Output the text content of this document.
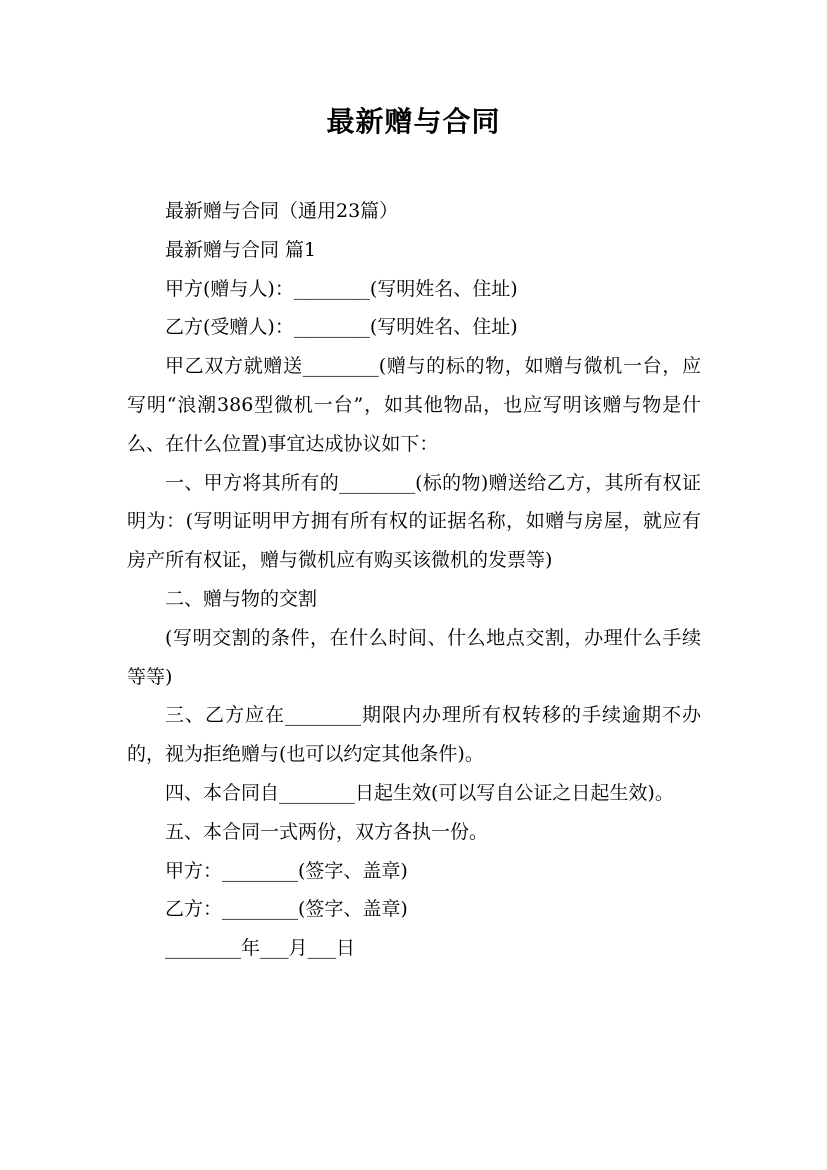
最新赠与合同

最新赠与合同（通用23篇）

最新赠与合同 篇1

甲方(赠与人)：________(写明姓名、住址)

乙方(受赠人)：________(写明姓名、住址)

甲乙双方就赠送________(赠与的标的物，如赠与微机一台，应写明“浪潮386型微机一台”，如其他物品，也应写明该赠与物是什么、在什么位置)事宜达成协议如下：

一、甲方将其所有的________(标的物)赠送给乙方，其所有权证明为：(写明证明甲方拥有所有权的证据名称，如赠与房屋，就应有房产所有权证，赠与微机应有购买该微机的发票等)

二、赠与物的交割

(写明交割的条件，在什么时间、什么地点交割，办理什么手续等等)

三、乙方应在________期限内办理所有权转移的手续逾期不办的，视为拒绝赠与(也可以约定其他条件)。

四、本合同自________日起生效(可以写自公证之日起生效)。

五、本合同一式两份，双方各执一份。

甲方：________(签字、盖章)

乙方：________(签字、盖章)

________年___月___日
